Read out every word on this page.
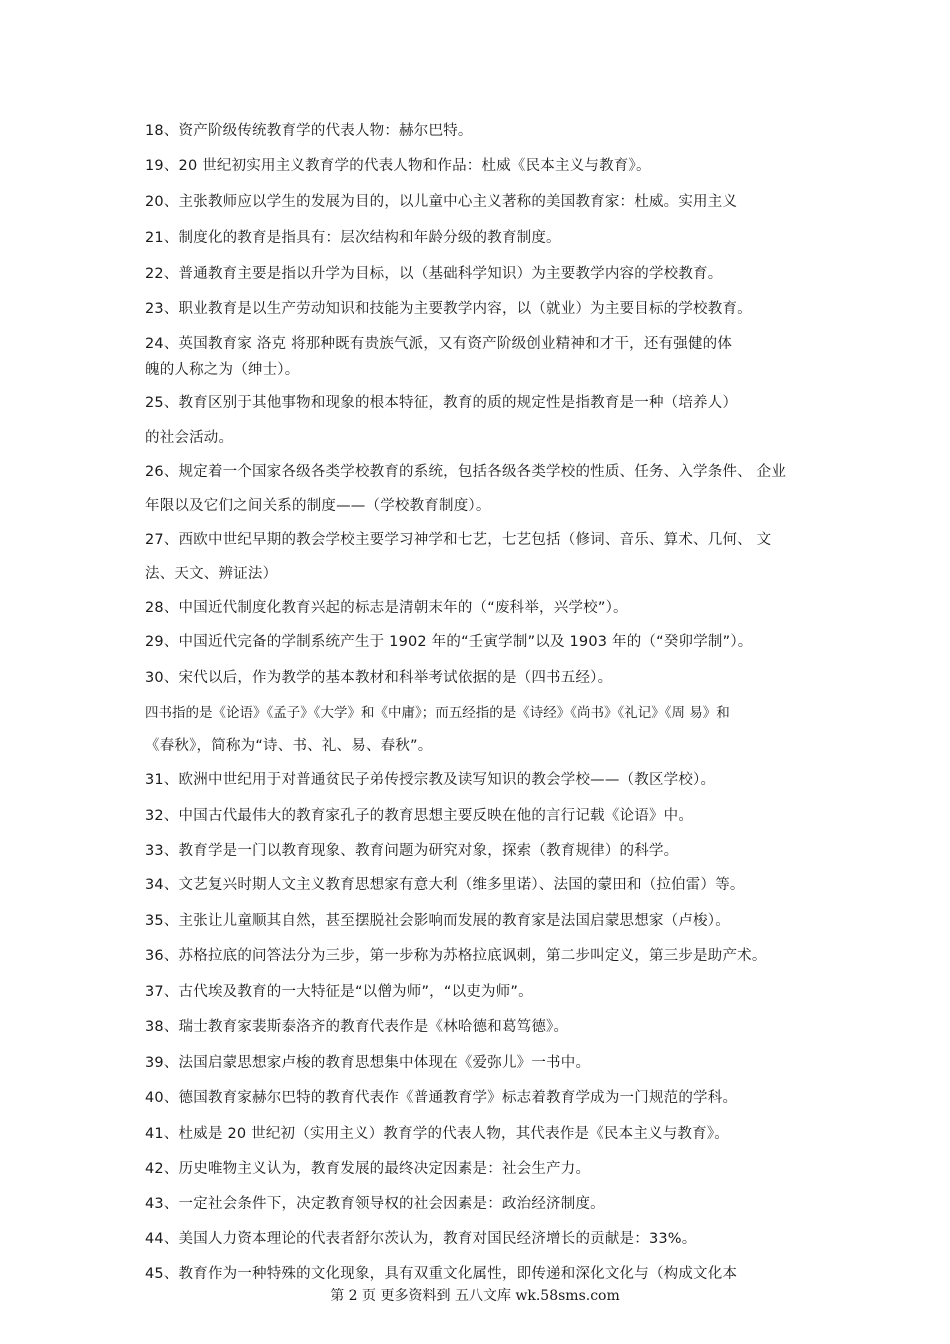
18、资产阶级传统教育学的代表人物：赫尔巴特。
19、20 世纪初实用主义教育学的代表人物和作品：杜威《民本主义与教育》。
20、主张教师应以学生的发展为目的，以儿童中心主义著称的美国教育家：杜威。实用主义
21、制度化的教育是指具有：层次结构和年龄分级的教育制度。
22、普通教育主要是指以升学为目标，以（基础科学知识）为主要教学内容的学校教育。
23、职业教育是以生产劳动知识和技能为主要教学内容，以（就业）为主要目标的学校教育。
24、英国教育家 洛克 将那种既有贵族气派，又有资产阶级创业精神和才干，还有强健的体
魄的人称之为（绅士）。
25、教育区别于其他事物和现象的根本特征，教育的质的规定性是指教育是一种（培养人）
的社会活动。
26、规定着一个国家各级各类学校教育的系统，包括各级各类学校的性质、任务、入学条件、 企业
年限以及它们之间关系的制度——（学校教育制度）。
27、西欧中世纪早期的教会学校主要学习神学和七艺，七艺包括（修词、音乐、算术、几何、 文
法、天文、辨证法）
28、中国近代制度化教育兴起的标志是清朝末年的（“废科举，兴学校”）。
29、中国近代完备的学制系统产生于 1902 年的“壬寅学制”以及 1903 年的（“癸卯学制”）。
30、宋代以后，作为教学的基本教材和科举考试依据的是（四书五经）。
四书指的是《论语》《孟子》《大学》和《中庸》；而五经指的是《诗经》《尚书》《礼记》《周 易》和
《春秋》，简称为“诗、书、礼、易、春秋”。
31、欧洲中世纪用于对普通贫民子弟传授宗教及读写知识的教会学校——（教区学校）。
32、中国古代最伟大的教育家孔子的教育思想主要反映在他的言行记载《论语》中。
33、教育学是一门以教育现象、教育问题为研究对象，探索（教育规律）的科学。
34、文艺复兴时期人文主义教育思想家有意大利（维多里诺）、法国的蒙田和（拉伯雷）等。
35、主张让儿童顺其自然，甚至摆脱社会影响而发展的教育家是法国启蒙思想家（卢梭）。
36、苏格拉底的问答法分为三步，第一步称为苏格拉底讽刺，第二步叫定义，第三步是助产术。
37、古代埃及教育的一大特征是“以僧为师”，“以吏为师”。
38、瑞士教育家裴斯泰洛齐的教育代表作是《林哈德和葛笃德》。
39、法国启蒙思想家卢梭的教育思想集中体现在《爱弥儿》一书中。
40、德国教育家赫尔巴特的教育代表作《普通教育学》标志着教育学成为一门规范的学科。
41、杜威是 20 世纪初（实用主义）教育学的代表人物，其代表作是《民本主义与教育》。
42、历史唯物主义认为，教育发展的最终决定因素是：社会生产力。
43、一定社会条件下，决定教育领导权的社会因素是：政治经济制度。
44、美国人力资本理论的代表者舒尔茨认为，教育对国民经济增长的贡献是：33%。
45、教育作为一种特殊的文化现象，具有双重文化属性，即传递和深化文化与（构成文化本
第 2 页 更多资料到 五八文库 wk.58sms.com
